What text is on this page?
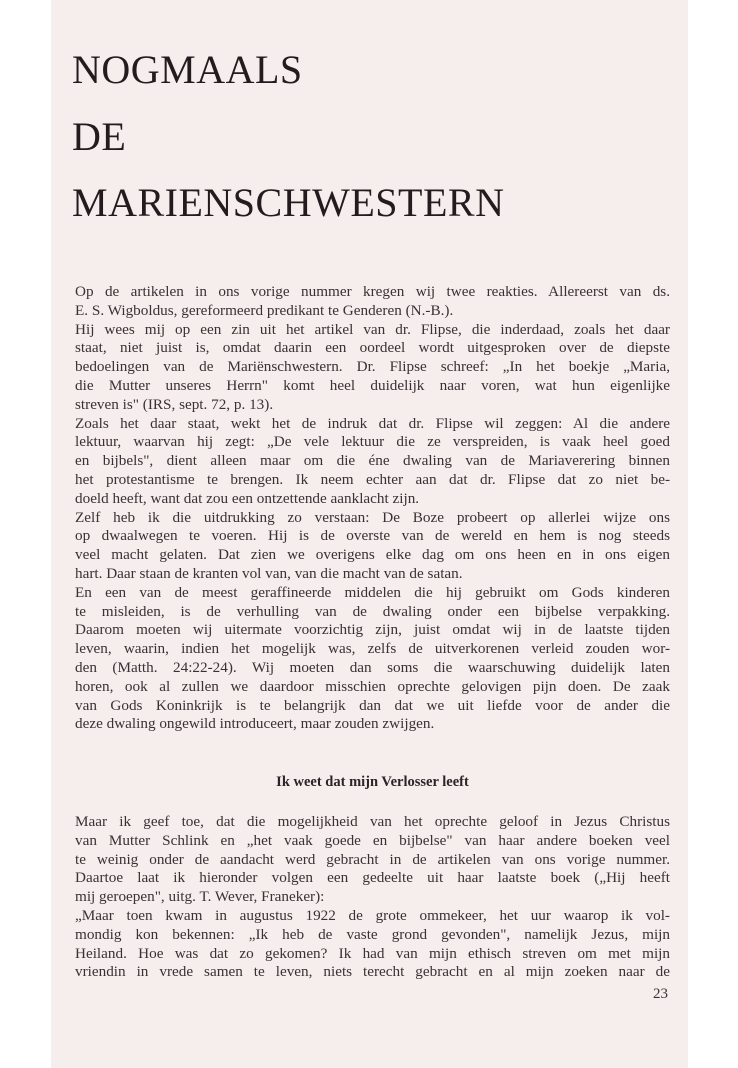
NOGMAALS
DE
MARIENSCHWESTERN
Op de artikelen in ons vorige nummer kregen wij twee reakties. Allereerst van ds.
E. S. Wigboldus, gereformeerd predikant te Genderen (N.-B.).
Hij wees mij op een zin uit het artikel van dr. Flipse, die inderdaad, zoals het daar
staat, niet juist is, omdat daarin een oordeel wordt uitgesproken over de diepste
bedoelingen van de Mariënschwestern. Dr. Flipse schreef: „In het boekje „Maria,
die Mutter unseres Herrn" komt heel duidelijk naar voren, wat hun eigenlijke
streven is" (IRS, sept. 72, p. 13).
Zoals het daar staat, wekt het de indruk dat dr. Flipse wil zeggen: Al die andere
lektuur, waarvan hij zegt: „De vele lektuur die ze verspreiden, is vaak heel goed
en bijbels", dient alleen maar om die éne dwaling van de Mariaverering binnen
het protestantisme te brengen. Ik neem echter aan dat dr. Flipse dat zo niet be-
doeld heeft, want dat zou een ontzettende aanklacht zijn.
Zelf heb ik die uitdrukking zo verstaan: De Boze probeert op allerlei wijze ons
op dwaalwegen te voeren. Hij is de overste van de wereld en hem is nog steeds
veel macht gelaten. Dat zien we overigens elke dag om ons heen en in ons eigen
hart. Daar staan de kranten vol van, van die macht van de satan.
En een van de meest geraffineerde middelen die hij gebruikt om Gods kinderen
te misleiden, is de verhulling van de dwaling onder een bijbelse verpakking.
Daarom moeten wij uitermate voorzichtig zijn, juist omdat wij in de laatste tijden
leven, waarin, indien het mogelijk was, zelfs de uitverkorenen verleid zouden wor-
den (Matth. 24:22-24). Wij moeten dan soms die waarschuwing duidelijk laten
horen, ook al zullen we daardoor misschien oprechte gelovigen pijn doen. De zaak
van Gods Koninkrijk is te belangrijk dan dat we uit liefde voor de ander die
deze dwaling ongewild introduceert, maar zouden zwijgen.
Ik weet dat mijn Verlosser leeft
Maar ik geef toe, dat die mogelijkheid van het oprechte geloof in Jezus Christus
van Mutter Schlink en „het vaak goede en bijbelse" van haar andere boeken veel
te weinig onder de aandacht werd gebracht in de artikelen van ons vorige nummer.
Daartoe laat ik hieronder volgen een gedeelte uit haar laatste boek („Hij heeft
mij geroepen", uitg. T. Wever, Franeker):
„Maar toen kwam in augustus 1922 de grote ommekeer, het uur waarop ik vol-
mondig kon bekennen: „Ik heb de vaste grond gevonden", namelijk Jezus, mijn
Heiland. Hoe was dat zo gekomen? Ik had van mijn ethisch streven om met mijn
vriendin in vrede samen te leven, niets terecht gebracht en al mijn zoeken naar de
23
